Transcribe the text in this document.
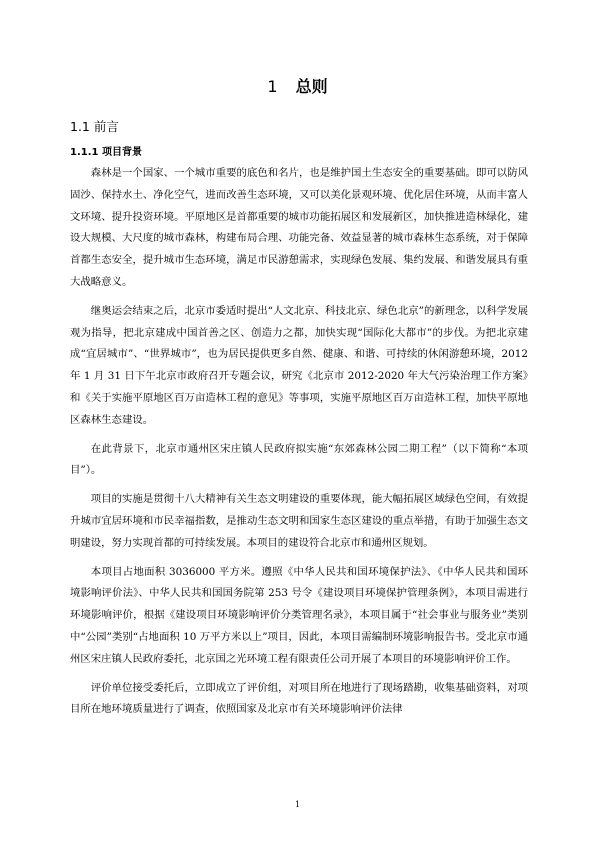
1 总则
1.1 前言
1.1.1 项目背景

森林是一个国家、一个城市重要的底色和名片，也是维护国土生态安全的重要基础。即可以防风固沙、保持水土、净化空气，进而改善生态环境，又可以美化景观环境、优化居住环境，从而丰富人文环境、提升投资环境。平原地区是首都重要的城市功能拓展区和发展新区，加快推进造林绿化，建设大规模、大尺度的城市森林，构建布局合理、功能完备、效益显著的城市森林生态系统，对于保障首都生态安全，提升城市生态环境，满足市民游憩需求，实现绿色发展、集约发展、和谐发展具有重大战略意义。

继奥运会结束之后，北京市委适时提出“人文北京、科技北京、绿色北京”的新理念，以科学发展观为指导，把北京建成中国首善之区、创造力之都，加快实现“国际化大都市”的步伐。为把北京建成“宜居城市”、“世界城市”，也为居民提供更多自然、健康、和谐、可持续的休闲游憩环境，2012 年 1 月 31 日下午北京市政府召开专题会议，研究《北京市 2012-2020 年大气污染治理工作方案》和《关于实施平原地区百万亩造林工程的意见》等事项，实施平原地区百万亩造林工程，加快平原地区森林生态建设。

在此背景下，北京市通州区宋庄镇人民政府拟实施“东郊森林公园二期工程”（以下简称“本项目”）。

项目的实施是贯彻十八大精神有关生态文明建设的重要体现，能大幅拓展区域绿色空间，有效提升城市宜居环境和市民幸福指数，是推动生态文明和国家生态区建设的重点举措，有助于加强生态文明建设，努力实现首都的可持续发展。本项目的建设符合北京市和通州区规划。

本项目占地面积 3036000 平方米。遵照《中华人民共和国环境保护法》、《中华人民共和国环境影响评价法》、中华人民共和国国务院第 253 号令《建设项目环境保护管理条例》，本项目需进行环境影响评价，根据《建设项目环境影响评价分类管理名录》，本项目属于“社会事业与服务业”类别中“公园”类别“占地面积 10 万平方米以上”项目，因此，本项目需编制环境影响报告书。受北京市通州区宋庄镇人民政府委托，北京国之光环境工程有限责任公司开展了本项目的环境影响评价工作。

评价单位接受委托后，立即成立了评价组，对项目所在地进行了现场踏勘，收集基础资料，对项目所在地环境质量进行了调查，依照国家及北京市有关环境影响评价法律

1
